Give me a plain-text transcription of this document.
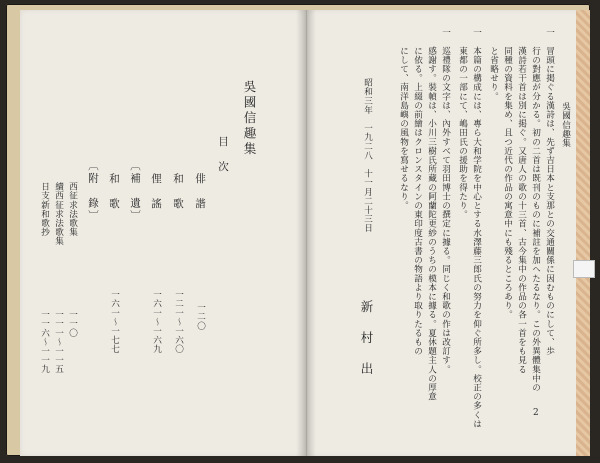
吳國信趣集
目　次
俳　諧
一二〇
和　歌
一二一～一六〇
俚　謠
一六一～一六九
〔補　遺〕
和　歌
一六一～一七七
〔附　錄〕
西征求法歌集
一一〇
續西征求法歌集
一一一～一一五
日支新和歌抄
一一六～一一九
吳國信趣集
一　冒頭に掲ぐる漢詩は、先ず吉日本と支那との交通關係に因むものにして、歩
　　行の對應が分かる。初の二首は既刊のものに補註を加へたるなり。この外異體集中の
　　漢詩若干首は別に掲ぐ。又唐人の歌の十三首、古今集中の作品の各一首をも見る
　　同種の資料を集め、且つ近代の作品の寓意中にも殘るところあり。
　　と省略せり。
一　本篇の構成には、專ら大和学院を中心とする水澤藤三郎氏の努力を仰ぐ所多し。校正の多くは
　　東都の一部にて、嶋田氏の援助を得たり。
一　巡禮隊の文字は、內外すべて羽田博士の撰定に據る。同じく和歌の作は改訂す。
　　感謝す。裝幀は、小川三樹氏所藏の阿蘭陀更紗のうちの模本に據る。夏休題主人の厚意
　　に依る。上綴の前繪はクロンスタインの東印度古書の物語より取りたるもの
　　にして、南洋島嶼の風物を寫せるなり。
昭和三年　一九二八　十一月二十三日
新　村　出
2
